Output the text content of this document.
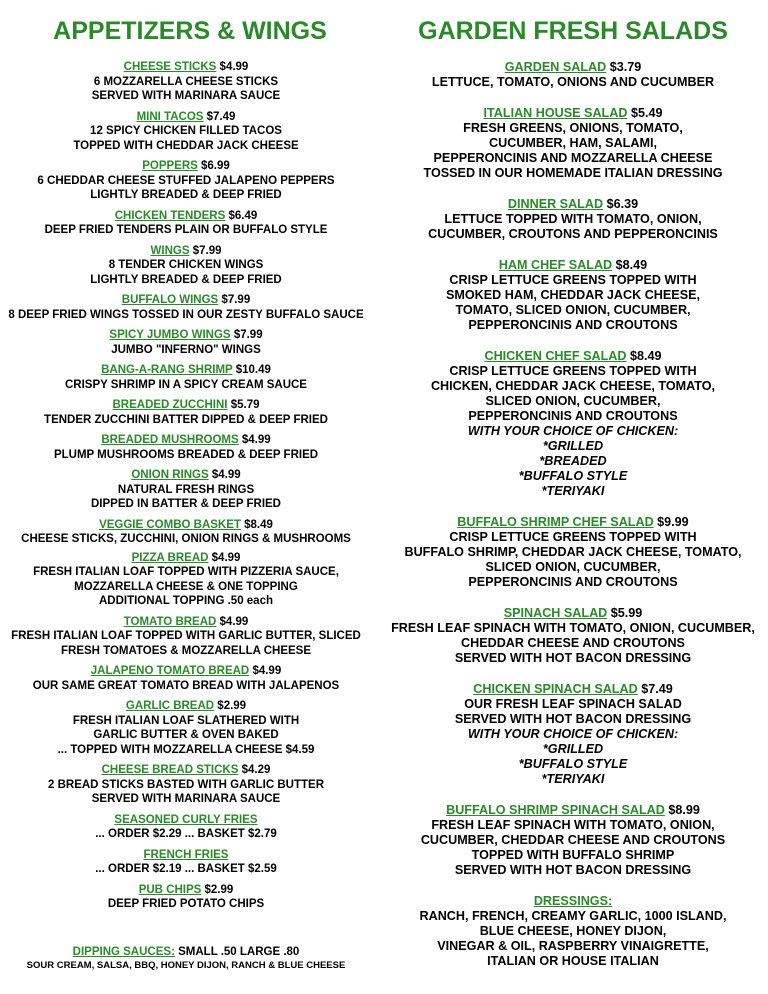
APPETIZERS & WINGS
CHEESE STICKS $4.99
6 MOZZARELLA CHEESE STICKS
SERVED WITH MARINARA SAUCE
MINI TACOS $7.49
12 SPICY CHICKEN FILLED TACOS
TOPPED WITH CHEDDAR JACK CHEESE
POPPERS $6.99
6 CHEDDAR CHEESE STUFFED JALAPENO PEPPERS
LIGHTLY BREADED & DEEP FRIED
CHICKEN TENDERS $6.49
DEEP FRIED TENDERS PLAIN OR BUFFALO STYLE
WINGS $7.99
8 TENDER CHICKEN WINGS
LIGHTLY BREADED & DEEP FRIED
BUFFALO WINGS $7.99
8 DEEP FRIED WINGS TOSSED IN OUR ZESTY BUFFALO SAUCE
SPICY JUMBO WINGS $7.99
JUMBO "INFERNO" WINGS
BANG-A-RANG SHRIMP $10.49
CRISPY SHRIMP IN A SPICY CREAM SAUCE
BREADED ZUCCHINI $5.79
TENDER ZUCCHINI BATTER DIPPED & DEEP FRIED
BREADED MUSHROOMS $4.99
PLUMP MUSHROOMS BREADED & DEEP FRIED
ONION RINGS $4.99
NATURAL FRESH RINGS
DIPPED IN BATTER & DEEP FRIED
VEGGIE COMBO BASKET $8.49
CHEESE STICKS, ZUCCHINI, ONION RINGS & MUSHROOMS
PIZZA BREAD $4.99
FRESH ITALIAN LOAF TOPPED WITH PIZZERIA SAUCE,
MOZZARELLA CHEESE & ONE TOPPING
ADDITIONAL TOPPING .50 each
TOMATO BREAD $4.99
FRESH ITALIAN LOAF TOPPED WITH GARLIC BUTTER, SLICED
FRESH TOMATOES & MOZZARELLA CHEESE
JALAPENO TOMATO BREAD $4.99
OUR SAME GREAT TOMATO BREAD WITH JALAPENOS
GARLIC BREAD $2.99
FRESH ITALIAN LOAF SLATHERED WITH
GARLIC BUTTER & OVEN BAKED
... TOPPED WITH MOZZARELLA CHEESE $4.59
CHEESE BREAD STICKS $4.29
2 BREAD STICKS BASTED WITH GARLIC BUTTER
SERVED WITH MARINARA SAUCE
SEASONED CURLY FRIES
... ORDER $2.29 ... BASKET $2.79
FRENCH FRIES
... ORDER $2.19 ... BASKET $2.59
PUB CHIPS $2.99
DEEP FRIED POTATO CHIPS
DIPPING SAUCES: SMALL .50 LARGE .80
SOUR CREAM, SALSA, BBQ, HONEY DIJON, RANCH & BLUE CHEESE
GARDEN FRESH SALADS
GARDEN SALAD $3.79
LETTUCE, TOMATO, ONIONS AND CUCUMBER
ITALIAN HOUSE SALAD $5.49
FRESH GREENS, ONIONS, TOMATO,
CUCUMBER, HAM, SALAMI,
PEPPERONCINIS AND MOZZARELLA CHEESE
TOSSED IN OUR HOMEMADE ITALIAN DRESSING
DINNER SALAD $6.39
LETTUCE TOPPED WITH TOMATO, ONION,
CUCUMBER, CROUTONS AND PEPPERONCINIS
HAM CHEF SALAD $8.49
CRISP LETTUCE GREENS TOPPED WITH
SMOKED HAM, CHEDDAR JACK CHEESE,
TOMATO, SLICED ONION, CUCUMBER,
PEPPERONCINIS AND CROUTONS
CHICKEN CHEF SALAD $8.49
CRISP LETTUCE GREENS TOPPED WITH
CHICKEN, CHEDDAR JACK CHEESE, TOMATO,
SLICED ONION, CUCUMBER,
PEPPERONCINIS AND CROUTONS
WITH YOUR CHOICE OF CHICKEN:
*GRILLED
*BREADED
*BUFFALO STYLE
*TERIYAKI
BUFFALO SHRIMP CHEF SALAD $9.99
CRISP LETTUCE GREENS TOPPED WITH
BUFFALO SHRIMP, CHEDDAR JACK CHEESE, TOMATO,
SLICED ONION, CUCUMBER,
PEPPERONCINIS AND CROUTONS
SPINACH SALAD $5.99
FRESH LEAF SPINACH WITH TOMATO, ONION, CUCUMBER,
CHEDDAR CHEESE AND CROUTONS
SERVED WITH HOT BACON DRESSING
CHICKEN SPINACH SALAD $7.49
OUR FRESH LEAF SPINACH SALAD
SERVED WITH HOT BACON DRESSING
WITH YOUR CHOICE OF CHICKEN:
*GRILLED
*BUFFALO STYLE
*TERIYAKI
BUFFALO SHRIMP SPINACH SALAD $8.99
FRESH LEAF SPINACH WITH TOMATO, ONION,
CUCUMBER, CHEDDAR CHEESE AND CROUTONS
TOPPED WITH BUFFALO SHRIMP
SERVED WITH HOT BACON DRESSING
DRESSINGS:
RANCH, FRENCH, CREAMY GARLIC, 1000 ISLAND,
BLUE CHEESE, HONEY DIJON,
VINEGAR & OIL, RASPBERRY VINAIGRETTE,
ITALIAN OR HOUSE ITALIAN
